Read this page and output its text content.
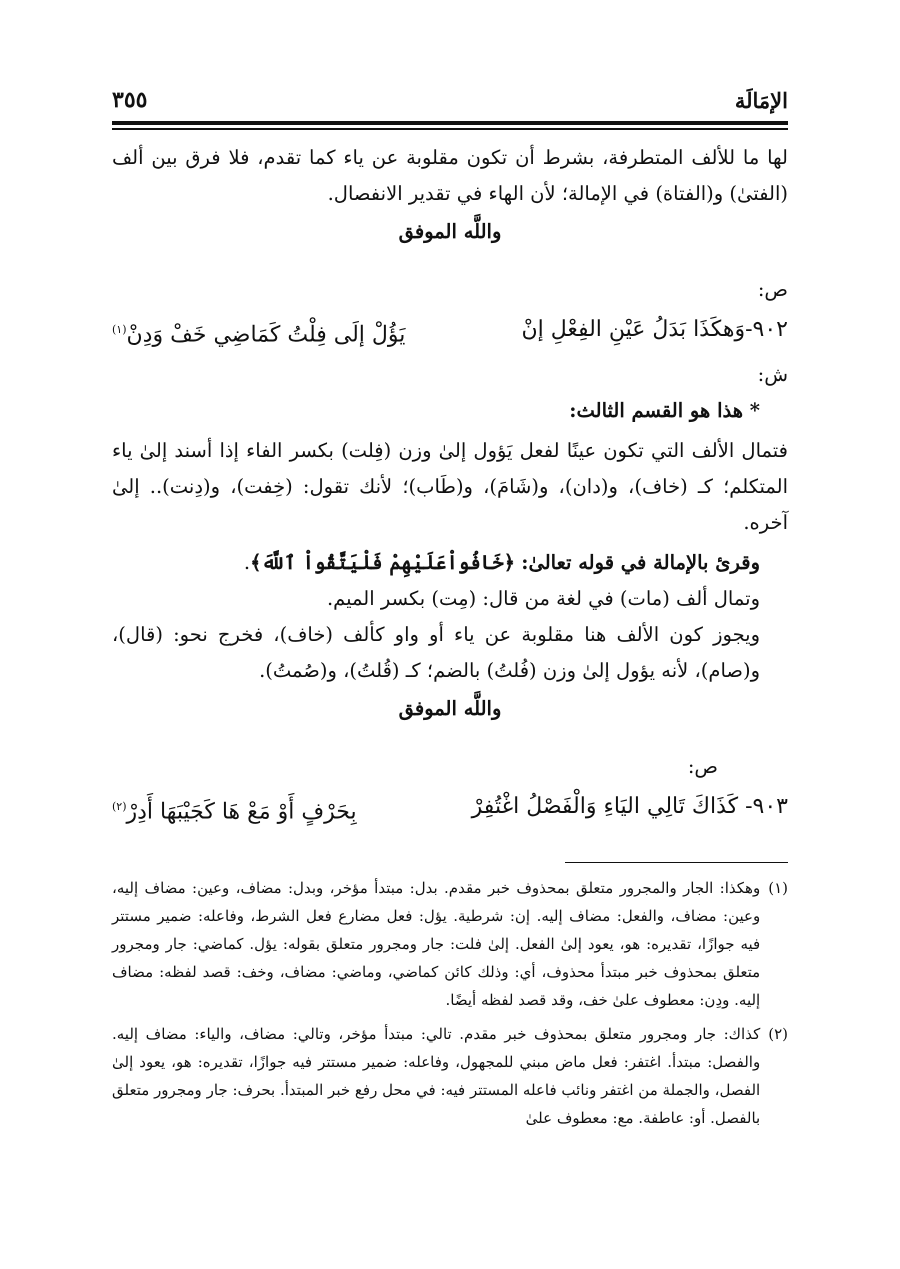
الإمَالَة
٣٥٥

لها ما للألف المتطرفة، بشرط أن تكون مقلوبة عن ياء كما تقدم، فلا فرق بين ألف (الفتىٰ) و(الفتاة) في الإمالة؛ لأن الهاء في تقدير الانفصال.

واللَّه الموفق

ص:

٩٠٢-وَهكَذَا بَدَلُ عَيْنِ الفِعْلِ إنْ
يَؤُلْ إلَى فِلْتُ كَمَاضِي خَفْ وَدِنْ$^{(١)}$

ش:

* هذا هو القسم الثالث:

فتمال الألف التي تكون عينًا لفعل يَؤول إلىٰ وزن (فِلت) بكسر الفاء إذا أسند إلىٰ ياء المتكلم؛ كـ (خاف)، و(دان)، و(شَامَ)، و(طَاب)؛ لأنك تقول: (خِفت)، و(دِنت).. إلىٰ آخره.

وقرئ بالإمالة في قوله تعالىٰ: ﴿خَافُواْعَلَيْهِمْ فَلْيَتَّقُواْ ٱللَّهَ﴾.

وتمال ألف (مات) في لغة من قال: (مِت) بكسر الميم.

ويجوز كون الألف هنا مقلوبة عن ياء أو واو كألف (خاف)، فخرج نحو: (قال)، و(صام)، لأنه يؤول إلىٰ وزن (فُلتُ) بالضم؛ كـ (قُلتُ)، و(صُمتُ).

واللَّه الموفق

ص:

٩٠٣- كَذَاكَ تَالِي اليَاءِ وَالْفَصْلُ اغْتُفِرْ
بِحَرْفٍ أَوْ مَعْ هَا كَجَيْبَهَا أَدِرْ$^{(٢)}$

(١)
وهكذا: الجار والمجرور متعلق بمحذوف خبر مقدم. بدل: مبتدأ مؤخر، وبدل: مضاف، وعين: مضاف إليه، وعين: مضاف، والفعل: مضاف إليه. إن: شرطية. يؤل: فعل مضارع فعل الشرط، وفاعله: ضمير مستتر فيه جوازًا، تقديره: هو، يعود إلىٰ الفعل. إلىٰ فلت: جار ومجرور متعلق بقوله: يؤل. كماضي: جار ومجرور متعلق بمحذوف خبر مبتدأ محذوف، أي: وذلك كائن كماضي، وماضي: مضاف، وخف: قصد لفظه: مضاف إليه. ودِن: معطوف علىٰ خف، وقد قصد لفظه أيضًا.

(٢)
كذاك: جار ومجرور متعلق بمحذوف خبر مقدم. تالي: مبتدأ مؤخر، وتالي: مضاف، والياء: مضاف إليه. والفصل: مبتدأ. اغتفر: فعل ماض مبني للمجهول، وفاعله: ضمير مستتر فيه جوازًا، تقديره: هو، يعود إلىٰ الفصل، والجملة من اغتفر ونائب فاعله المستتر فيه: في محل رفع خبر المبتدأ. بحرف: جار ومجرور متعلق بالفصل. أو: عاطفة. مع: معطوف علىٰ
